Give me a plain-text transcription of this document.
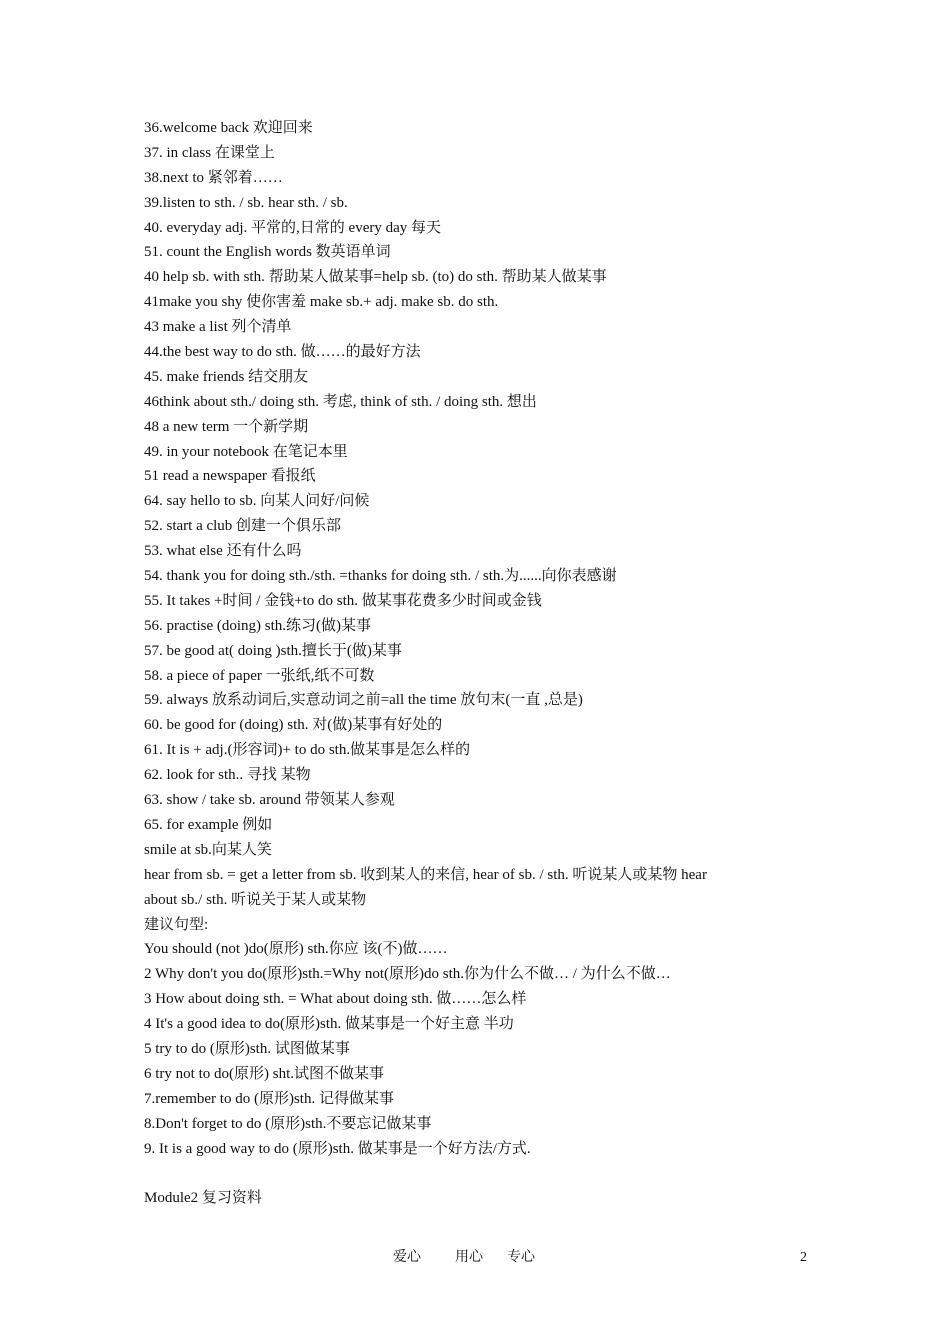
36.welcome back 欢迎回来
37. in class 在课堂上
38.next to 紧邻着……
39.listen to sth. / sb. hear sth. / sb.
40. everyday adj. 平常的,日常的 every day 每天
51. count the English words 数英语单词
40 help sb. with sth. 帮助某人做某事=help sb. (to) do sth. 帮助某人做某事
41make you shy 使你害羞 make sb.+ adj. make sb. do sth.
43 make a list 列个清单
44.the best way to do sth. 做……的最好方法
45. make friends 结交朋友
46think about sth./ doing sth. 考虑, think of sth. / doing sth. 想出
48 a new term 一个新学期
49. in your notebook 在笔记本里
51 read a newspaper 看报纸
64. say hello to sb. 向某人问好/问候
52. start a club 创建一个俱乐部
53. what else 还有什么吗
54. thank you for doing sth./sth. =thanks for doing sth. / sth.为......向你表感谢
55. It takes +时间 / 金钱+to do sth. 做某事花费多少时间或金钱
56. practise (doing) sth.练习(做)某事
57. be good at( doing )sth.擅长于(做)某事
58. a piece of paper 一张纸,纸不可数
59. always 放系动词后,实意动词之前=all the time 放句末(一直 ,总是)
60. be good for (doing) sth. 对(做)某事有好处的
61. It is + adj.(形容词)+ to do sth.做某事是怎么样的
62. look for sth.. 寻找 某物
63. show / take sb. around 带领某人参观
65. for example 例如
smile at sb.向某人笑
hear from sb. = get a letter from sb. 收到某人的来信, hear of sb. / sth. 听说某人或某物 hear
about sb./ sth. 听说关于某人或某物
建议句型:
You should (not )do(原形) sth.你应 该(不)做……
2 Why don't you do(原形)sth.=Why not(原形)do sth.你为什么不做… / 为什么不做…
3 How about doing sth. = What about doing sth. 做……怎么样
4 It's a good idea to do(原形)sth. 做某事是一个好主意 半功
5 try to do (原形)sth. 试图做某事
6 try not to do(原形) sht.试图不做某事
7.remember to do (原形)sth. 记得做某事
8.Don't forget to do (原形)sth.不要忘记做某事
9. It is a good way to do (原形)sth. 做某事是一个好方法/方式.
Module2 复习资料
爱心 用心 专心	2
